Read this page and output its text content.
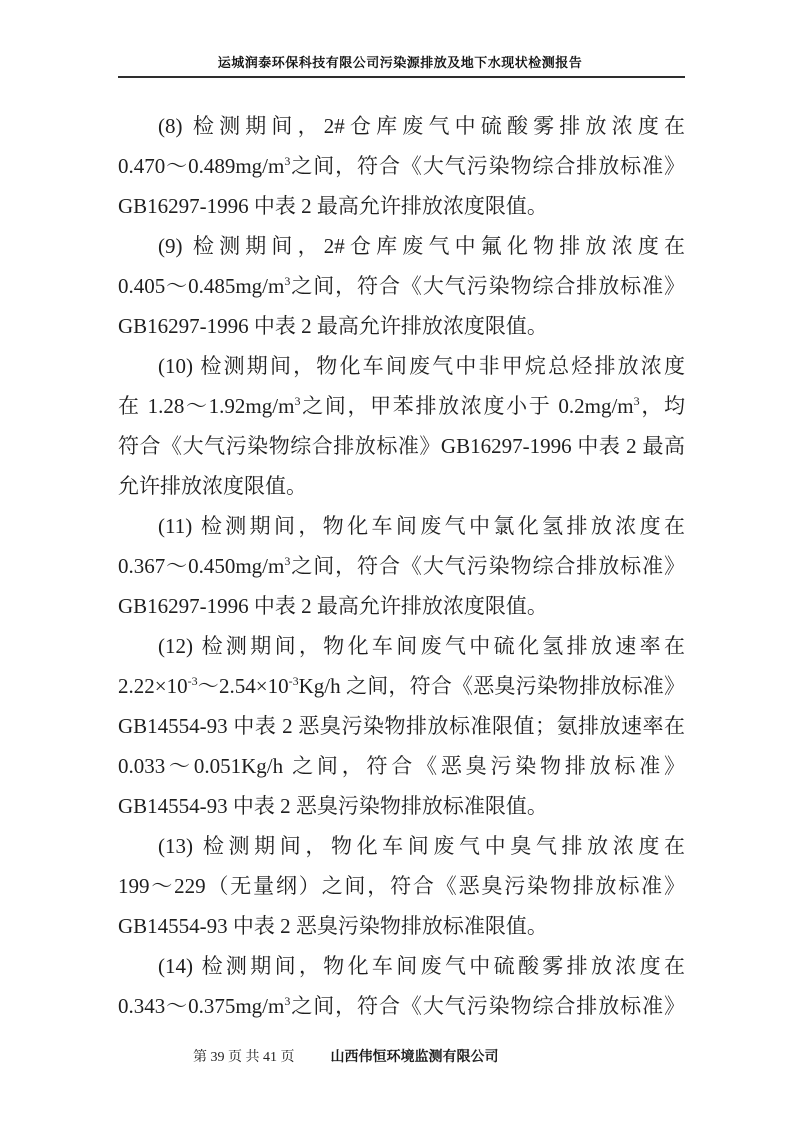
运城润泰环保科技有限公司污染源排放及地下水现状检测报告
(8) 检测期间，2#仓库废气中硫酸雾排放浓度在
$0.470\sim 0.489mg/m^3$之间，符合《大气污染物综合排放标准》
GB16297-1996 中表 2 最高允许排放浓度限值。
(9) 检测期间，2#仓库废气中氟化物排放浓度在
$0.405\sim 0.485mg/m^3$之间，符合《大气污染物综合排放标准》
GB16297-1996 中表 2 最高允许排放浓度限值。
(10) 检测期间，物化车间废气中非甲烷总烃排放浓度
在 $1.28\sim 1.92mg/m^3$之间，甲苯排放浓度小于 $0.2mg/m^3$，均
符合《大气污染物综合排放标准》GB16297-1996 中表 2 最高
允许排放浓度限值。
(11) 检测期间，物化车间废气中氯化氢排放浓度在
$0.367\sim 0.450mg/m^3$之间，符合《大气污染物综合排放标准》
GB16297-1996 中表 2 最高允许排放浓度限值。
(12) 检测期间，物化车间废气中硫化氢排放速率在
$2.22\times 10^{-3}\sim 2.54\times 10^{-3}Kg/h$ 之间，符合《恶臭污染物排放标准》
GB14554-93 中表 2 恶臭污染物排放标准限值；氨排放速率在
0.033～0.051Kg/h 之间，符合《恶臭污染物排放标准》
GB14554-93 中表 2 恶臭污染物排放标准限值。
(13) 检测期间，物化车间废气中臭气排放浓度在
199～229（无量纲）之间，符合《恶臭污染物排放标准》
GB14554-93 中表 2 恶臭污染物排放标准限值。
(14) 检测期间，物化车间废气中硫酸雾排放浓度在
$0.343\sim 0.375mg/m^3$之间，符合《大气污染物综合排放标准》
第 39 页 共 41 页	山西伟恒环境监测有限公司
